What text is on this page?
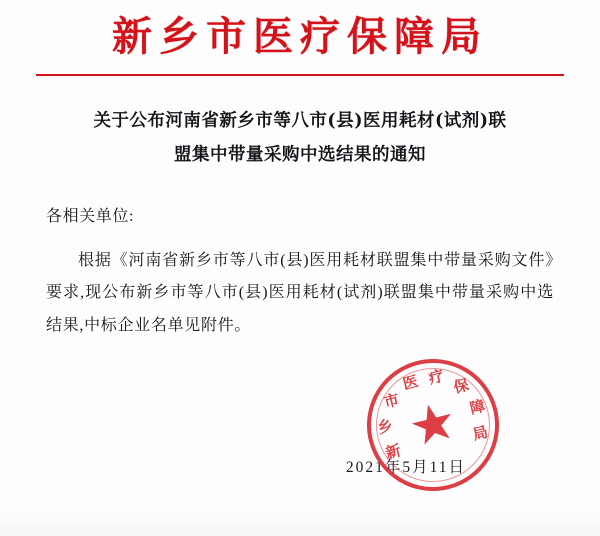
新乡市医疗保障局
关于公布河南省新乡市等八市(县)医用耗材(试剂)联
盟集中带量采购中选结果的通知
各相关单位:
根据《河南省新乡市等八市(县)医用耗材联盟集中带量采购文件》要求,现公布新乡市等八市(县)医用耗材(试剂)联盟集中带量采购中选结果,中标企业名单见附件。
2021年5月11日
新
乡
市
医 疗 保
障
局
